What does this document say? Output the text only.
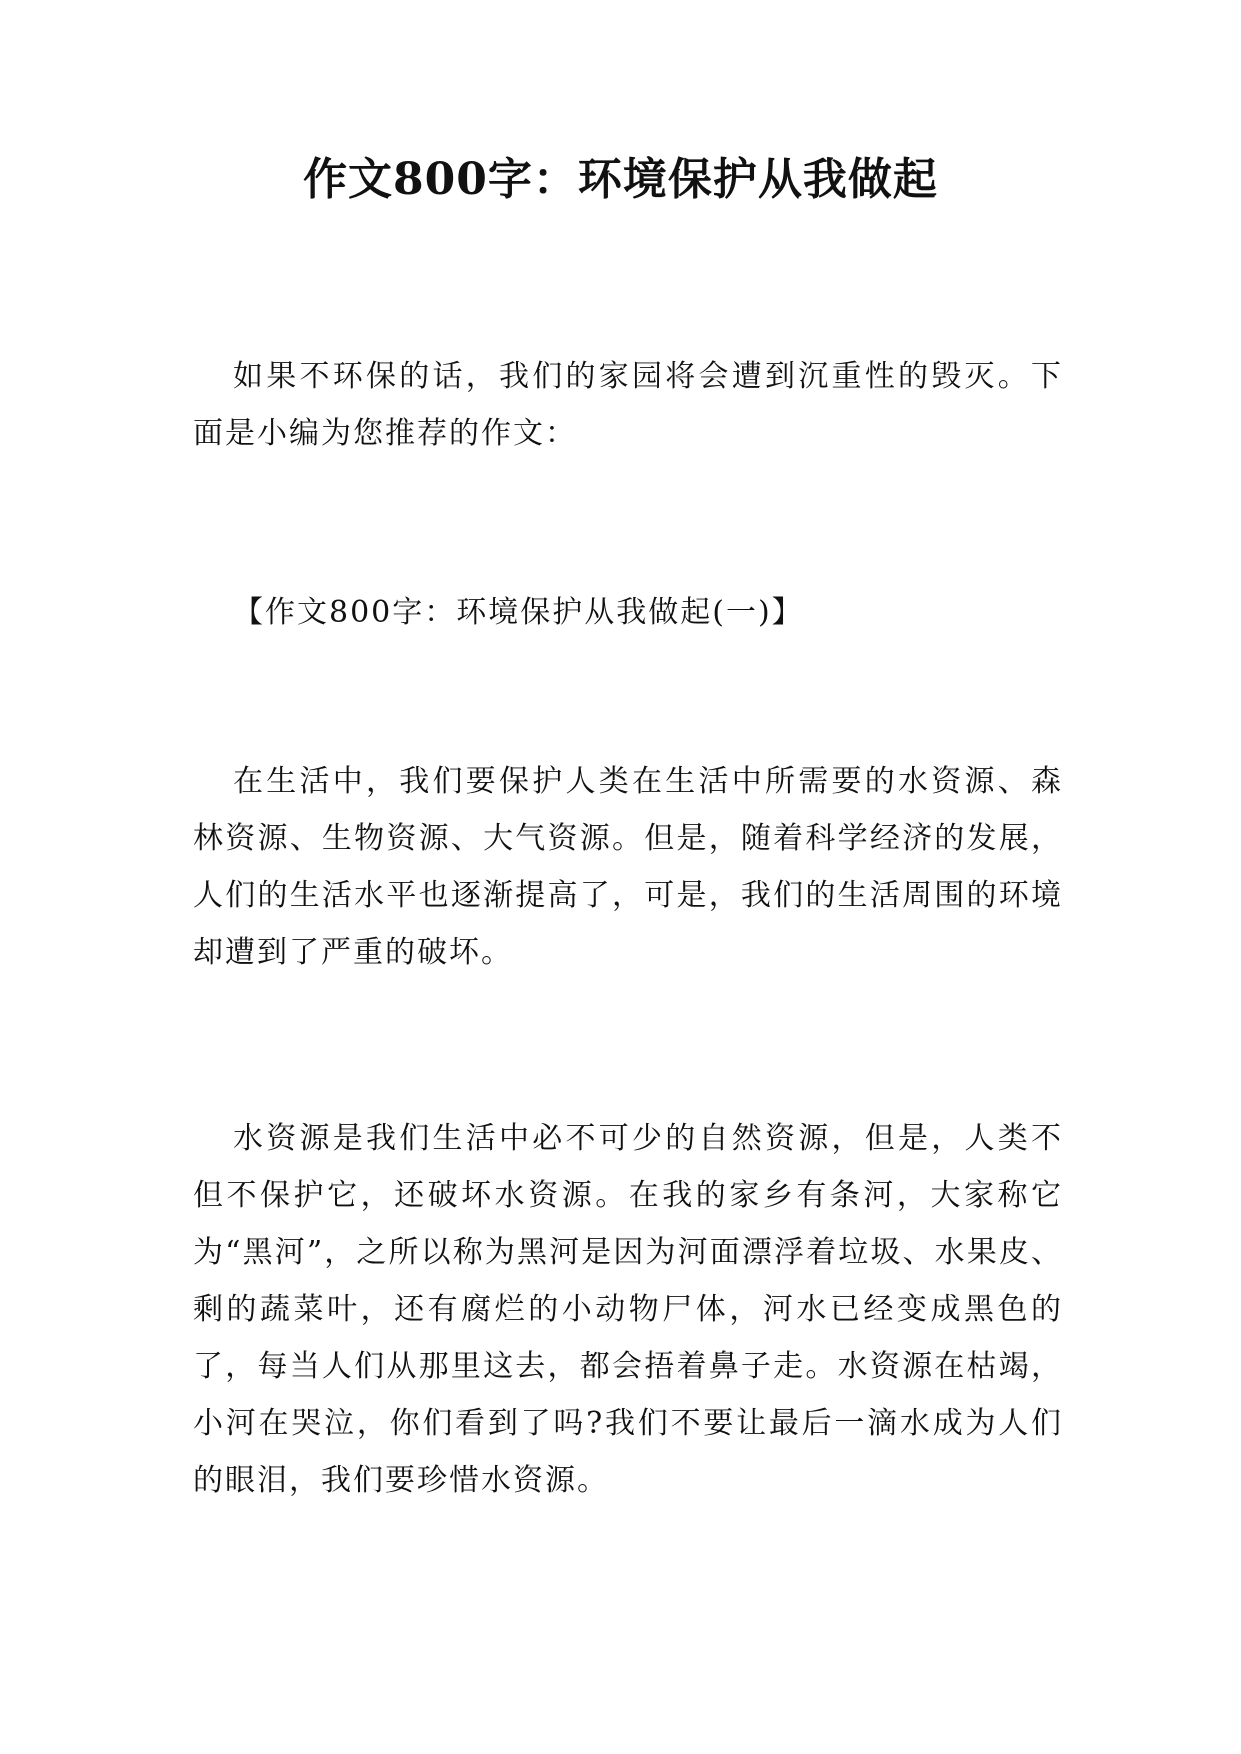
作文800字：环境保护从我做起

如果不环保的话，我们的家园将会遭到沉重性的毁灭。下面是小编为您推荐的作文：

【作文800字：环境保护从我做起(一)】

在生活中，我们要保护人类在生活中所需要的水资源、森林资源、生物资源、大气资源。但是，随着科学经济的发展，人们的生活水平也逐渐提高了，可是，我们的生活周围的环境却遭到了严重的破坏。

水资源是我们生活中必不可少的自然资源，但是，人类不但不保护它，还破坏水资源。在我的家乡有条河，大家称它为“黑河”，之所以称为黑河是因为河面漂浮着垃圾、水果皮、剩的蔬菜叶，还有腐烂的小动物尸体，河水已经变成黑色的了，每当人们从那里这去，都会捂着鼻子走。水资源在枯竭，小河在哭泣，你们看到了吗?我们不要让最后一滴水成为人们的眼泪，我们要珍惜水资源。
